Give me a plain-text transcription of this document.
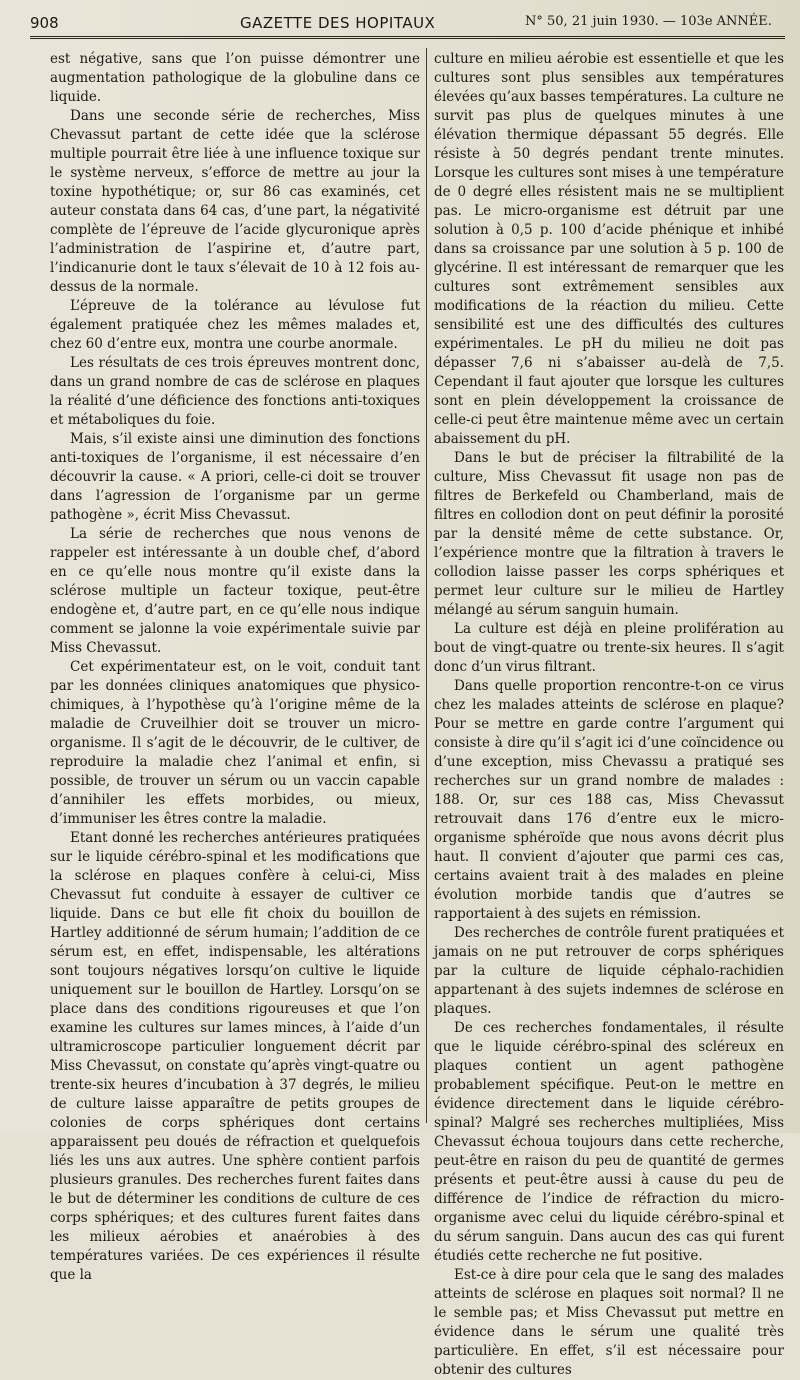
908	GAZETTE DES HOPITAUX	N° 50, 21 juin 1930. — 103e ANNÉE.

est négative, sans que l’on puisse démontrer une augmentation pathologique de la globuline dans ce liquide.

Dans une seconde série de recherches, Miss Chevassut partant de cette idée que la sclérose multiple pourrait être liée à une influence toxique sur le système nerveux, s’efforce de mettre au jour la toxine hypothétique; or, sur 86 cas examinés, cet auteur constata dans 64 cas, d’une part, la négativité complète de l’épreuve de l’acide glycuronique après l’administration de l’aspirine et, d’autre part, l’indicanurie dont le taux s’élevait de 10 à 12 fois au-dessus de la normale.

L’épreuve de la tolérance au lévulose fut également pratiquée chez les mêmes malades et, chez 60 d’entre eux, montra une courbe anormale.

Les résultats de ces trois épreuves montrent donc, dans un grand nombre de cas de sclérose en plaques la réalité d’une déficience des fonctions anti-toxiques et métaboliques du foie.

Mais, s’il existe ainsi une diminution des fonctions anti-toxiques de l’organisme, il est nécessaire d’en découvrir la cause. « A priori, celle-ci doit se trouver dans l’agression de l’organisme par un germe pathogène », écrit Miss Chevassut.

La série de recherches que nous venons de rappeler est intéressante à un double chef, d’abord en ce qu’elle nous montre qu’il existe dans la sclérose multiple un facteur toxique, peut-être endogène et, d’autre part, en ce qu’elle nous indique comment se jalonne la voie expérimentale suivie par Miss Chevassut.

Cet expérimentateur est, on le voit, conduit tant par les données cliniques anatomiques que physico-chimiques, à l’hypothèse qu’à l’origine même de la maladie de Cruveilhier doit se trouver un micro-organisme. Il s’agit de le découvrir, de le cultiver, de reproduire la maladie chez l’animal et enfin, si possible, de trouver un sérum ou un vaccin capable d’annihiler les effets morbides, ou mieux, d’immuniser les êtres contre la maladie.

Etant donné les recherches antérieures pratiquées sur le liquide cérébro-spinal et les modifications que la sclérose en plaques confère à celui-ci, Miss Chevassut fut conduite à essayer de cultiver ce liquide. Dans ce but elle fit choix du bouillon de Hartley additionné de sérum humain; l’addition de ce sérum est, en effet, indispensable, les altérations sont toujours négatives lorsqu’on cultive le liquide uniquement sur le bouillon de Hartley. Lorsqu’on se place dans des conditions rigoureuses et que l’on examine les cultures sur lames minces, à l’aide d’un ultramicroscope particulier longuement décrit par Miss Chevassut, on constate qu’après vingt-quatre ou trente-six heures d’incubation à 37 degrés, le milieu de culture laisse apparaître de petits groupes de colonies de corps sphériques dont certains apparaissent peu doués de réfraction et quelquefois liés les uns aux autres. Une sphère contient parfois plusieurs granules. Des recherches furent faites dans le but de déterminer les conditions de culture de ces corps sphériques; et des cultures furent faites dans les milieux aérobies et anaérobies à des températures variées. De ces expériences il résulte que la

culture en milieu aérobie est essentielle et que les cultures sont plus sensibles aux températures élevées qu’aux basses températures. La culture ne survit pas plus de quelques minutes à une élévation thermique dépassant 55 degrés. Elle résiste à 50 degrés pendant trente minutes. Lorsque les cultures sont mises à une température de 0 degré elles résistent mais ne se multiplient pas. Le micro-organisme est détruit par une solution à 0,5 p. 100 d’acide phénique et inhibé dans sa croissance par une solution à 5 p. 100 de glycérine. Il est intéressant de remarquer que les cultures sont extrêmement sensibles aux modifications de la réaction du milieu. Cette sensibilité est une des difficultés des cultures expérimentales. Le pH du milieu ne doit pas dépasser 7,6 ni s’abaisser au-delà de 7,5. Cependant il faut ajouter que lorsque les cultures sont en plein développement la croissance de celle-ci peut être maintenue même avec un certain abaissement du pH.

Dans le but de préciser la filtrabilité de la culture, Miss Chevassut fit usage non pas de filtres de Berkefeld ou Chamberland, mais de filtres en collodion dont on peut définir la porosité par la densité même de cette substance. Or, l’expérience montre que la filtration à travers le collodion laisse passer les corps sphériques et permet leur culture sur le milieu de Hartley mélangé au sérum sanguin humain.

La culture est déjà en pleine prolifération au bout de vingt-quatre ou trente-six heures. Il s’agit donc d’un virus filtrant.

Dans quelle proportion rencontre-t-on ce virus chez les malades atteints de sclérose en plaque? Pour se mettre en garde contre l’argument qui consiste à dire qu’il s’agit ici d’une coïncidence ou d’une exception, miss Chevassu a pratiqué ses recherches sur un grand nombre de malades : 188. Or, sur ces 188 cas, Miss Chevassut retrouvait dans 176 d’entre eux le micro-organisme sphéroïde que nous avons décrit plus haut. Il convient d’ajouter que parmi ces cas, certains avaient trait à des malades en pleine évolution morbide tandis que d’autres se rapportaient à des sujets en rémission.

Des recherches de contrôle furent pratiquées et jamais on ne put retrouver de corps sphériques par la culture de liquide céphalo-rachidien appartenant à des sujets indemnes de sclérose en plaques.

De ces recherches fondamentales, il résulte que le liquide cérébro-spinal des scléreux en plaques contient un agent pathogène probablement spécifique. Peut-on le mettre en évidence directement dans le liquide cérébro-spinal? Malgré ses recherches multipliées, Miss Chevassut échoua toujours dans cette recherche, peut-être en raison du peu de quantité de germes présents et peut-être aussi à cause du peu de différence de l’indice de réfraction du micro-organisme avec celui du liquide cérébro-spinal et du sérum sanguin. Dans aucun des cas qui furent étudiés cette recherche ne fut positive.

Est-ce à dire pour cela que le sang des malades atteints de sclérose en plaques soit normal? Il ne le semble pas; et Miss Chevassut put mettre en évidence dans le sérum une qualité très particulière. En effet, s’il est nécessaire pour obtenir des cultures
